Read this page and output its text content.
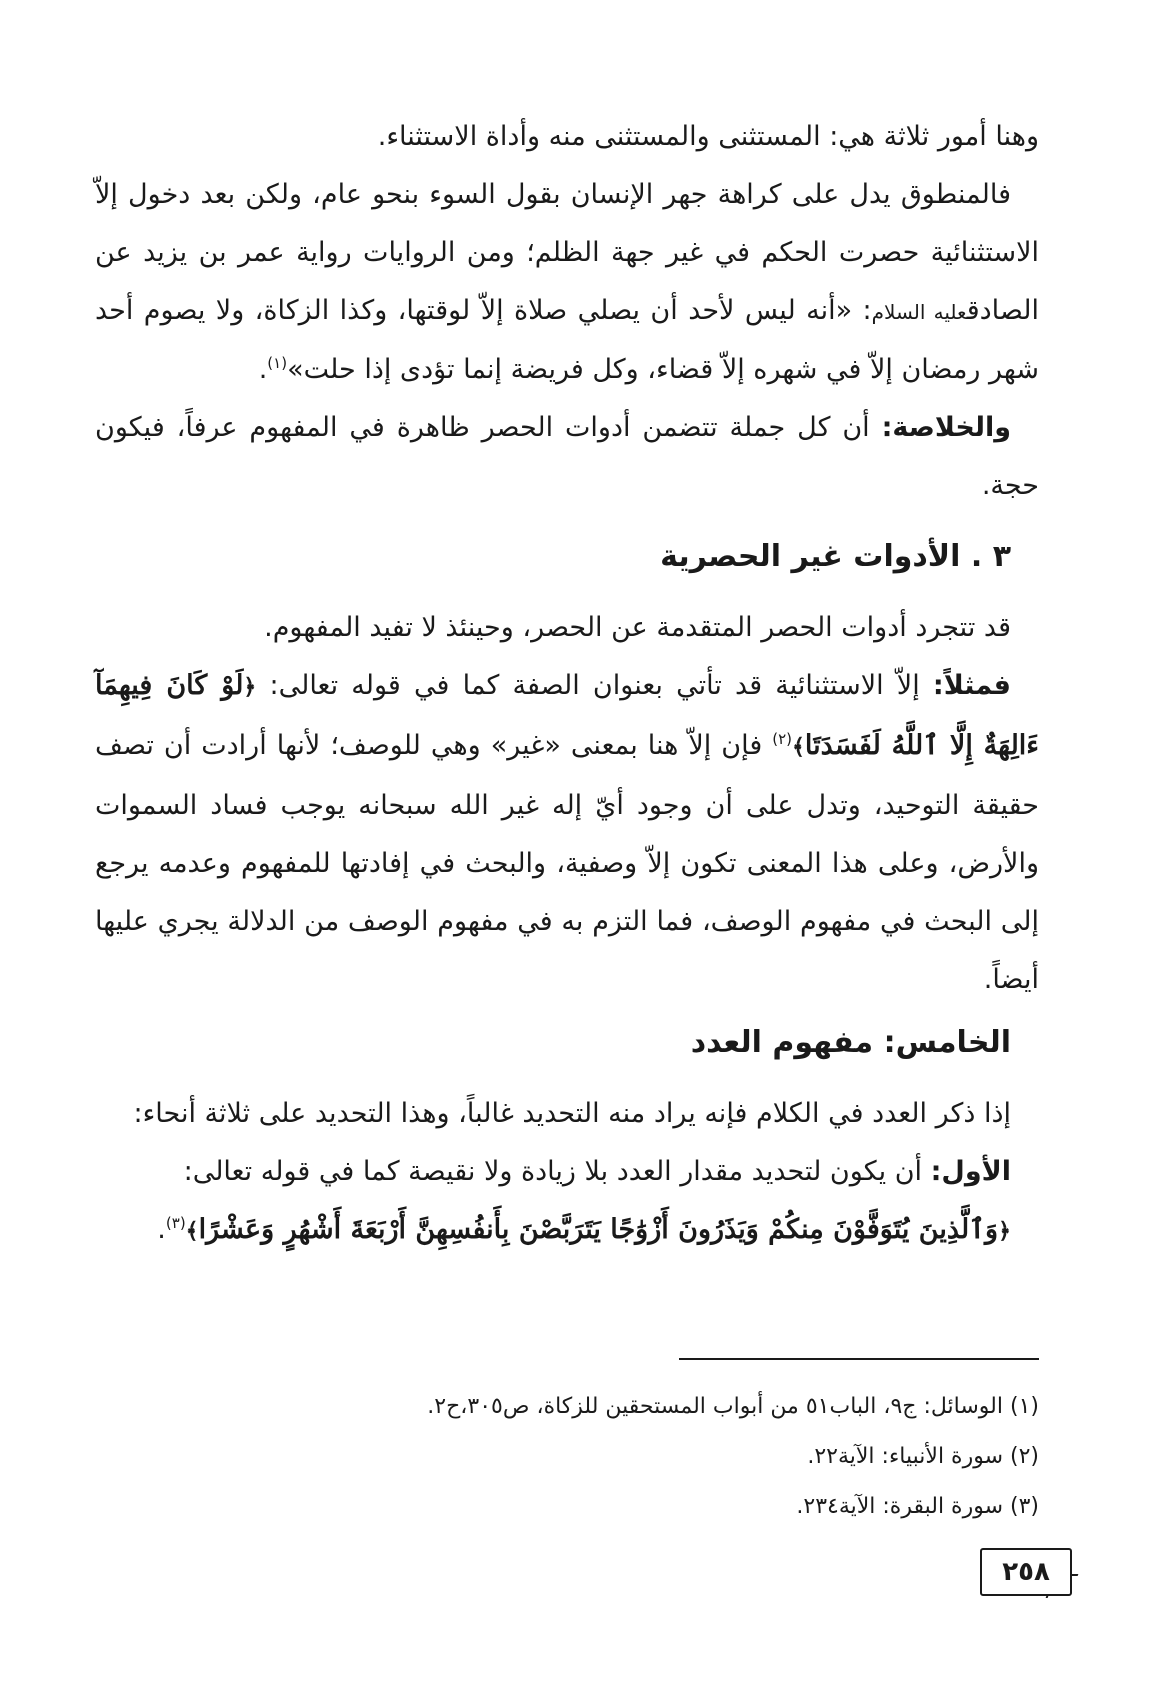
وهنا أمور ثلاثة هي: المستثنى والمستثنى منه وأداة الاستثناء.

فالمنطوق يدل على كراهة جهر الإنسان بقول السوء بنحو عام، ولكن بعد دخول إلاّ الاستثنائية حصرت الحكم في غير جهة الظلم؛ ومن الروايات رواية عمر بن يزيد عن الصادقعليه السلام: «أنه ليس لأحد أن يصلي صلاة إلاّ لوقتها، وكذا الزكاة، ولا يصوم أحد شهر رمضان إلاّ في شهره إلاّ قضاء، وكل فريضة إنما تؤدى إذا حلت»$^{(١)}$.

والخلاصة: أن كل جملة تتضمن أدوات الحصر ظاهرة في المفهوم عرفاً، فيكون حجة.

٣ . الأدوات غير الحصرية

قد تتجرد أدوات الحصر المتقدمة عن الحصر، وحينئذ لا تفيد المفهوم.

فمثلاً: إلاّ الاستثنائية قد تأتي بعنوان الصفة كما في قوله تعالى: ﴿لَوْ كَانَ فِيهِمَآ ءَالِهَةٌ إِلَّا ٱللَّهُ لَفَسَدَتَا﴾$^{(٢)}$ فإن إلاّ هنا بمعنى «غير» وهي للوصف؛ لأنها أرادت أن تصف حقيقة التوحيد، وتدل على أن وجود أيّ إله غير الله سبحانه يوجب فساد السموات والأرض، وعلى هذا المعنى تكون إلاّ وصفية، والبحث في إفادتها للمفهوم وعدمه يرجع إلى البحث في مفهوم الوصف، فما التزم به في مفهوم الوصف من الدلالة يجري عليها أيضاً.

الخامس: مفهوم العدد

إذا ذكر العدد في الكلام فإنه يراد منه التحديد غالباً، وهذا التحديد على ثلاثة أنحاء:

الأول: أن يكون لتحديد مقدار العدد بلا زيادة ولا نقيصة كما في قوله تعالى:

﴿وَٱلَّذِينَ يُتَوَفَّوْنَ مِنكُمْ وَيَذَرُونَ أَزْوَٰجًا يَتَرَبَّصْنَ بِأَنفُسِهِنَّ أَرْبَعَةَ أَشْهُرٍ وَعَشْرًا﴾$^{(٣)}$.

(١) الوسائل: ج٩، الباب٥١ من أبواب المستحقين للزكاة، ص٣٠٥،ح٢.
(٢) سورة الأنبياء: الآية٢٢.
(٣) سورة البقرة: الآية٢٣٤.
٢٥٨
